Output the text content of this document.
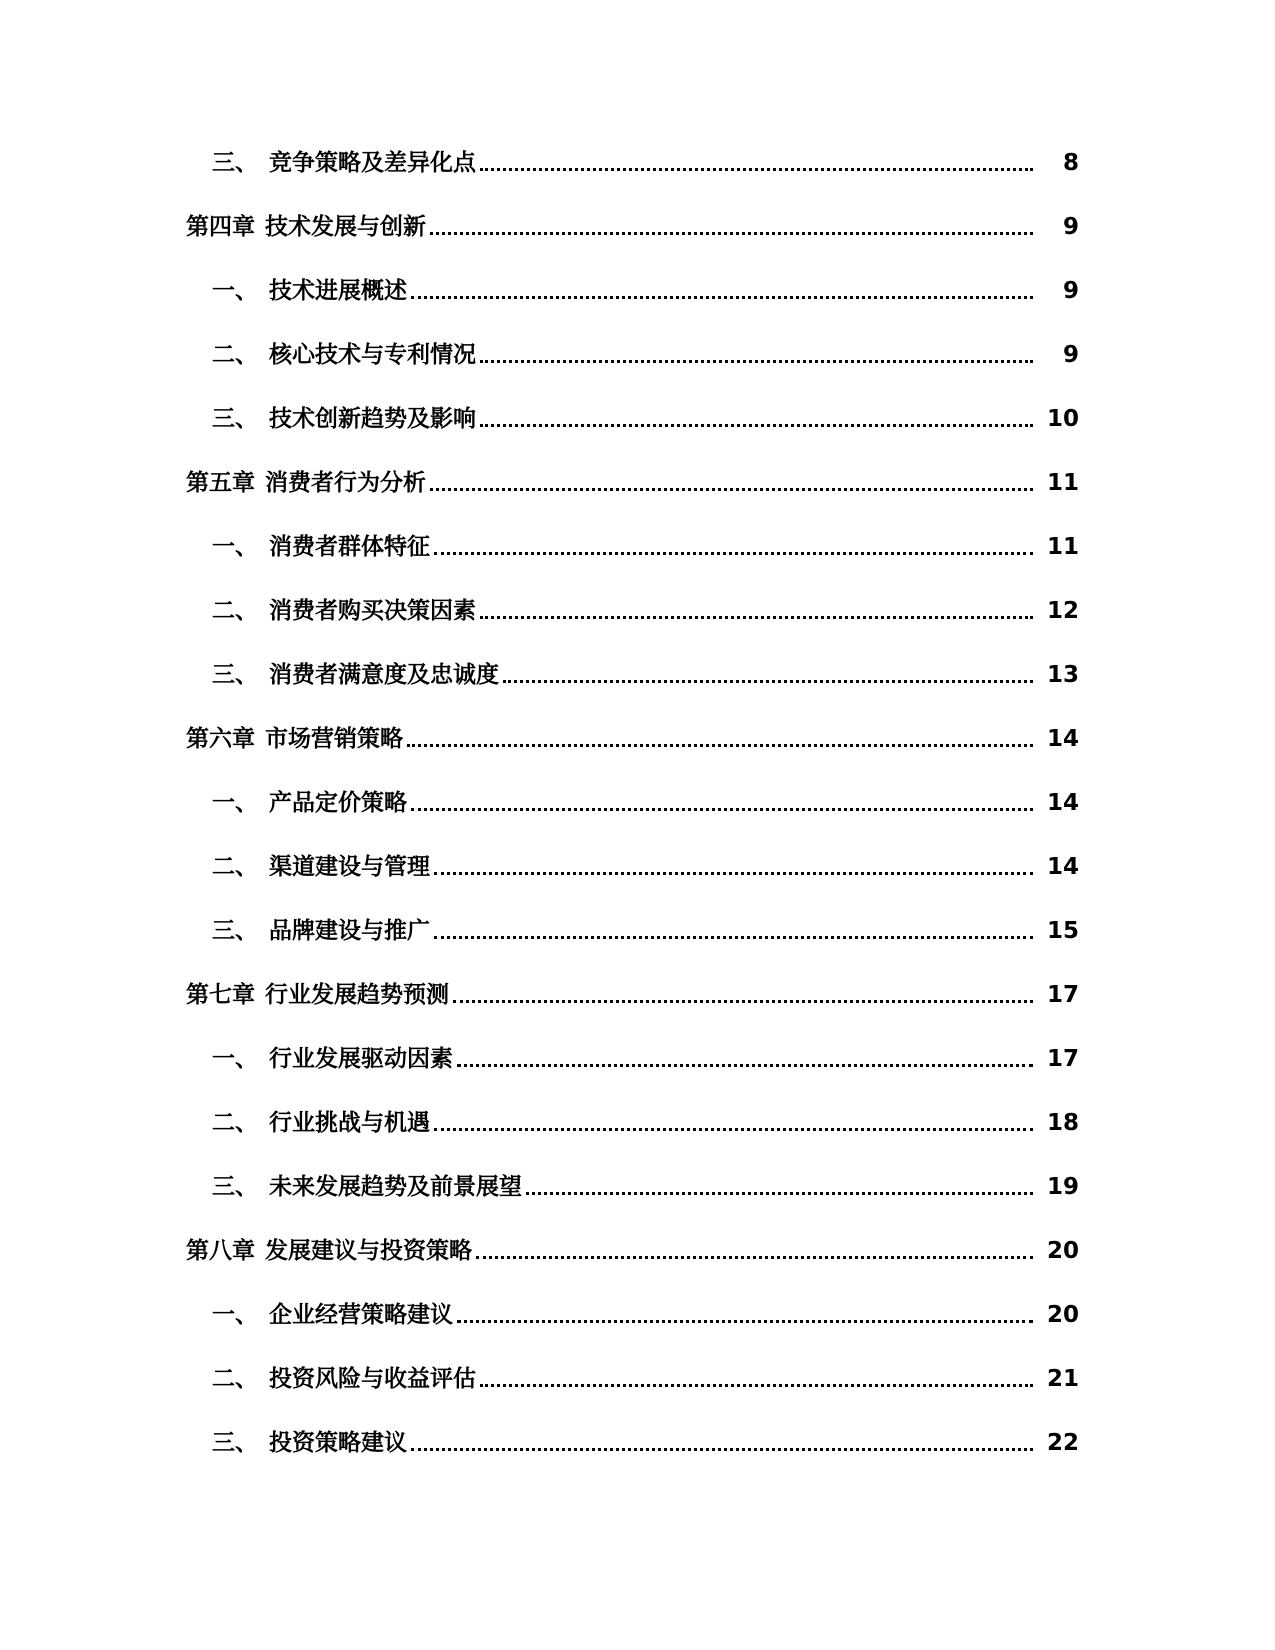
三、 竞争策略及差异化点	8
第四章 技术发展与创新	9
一、 技术进展概述	9
二、 核心技术与专利情况	9
三、 技术创新趋势及影响	10
第五章 消费者行为分析	11
一、 消费者群体特征	11
二、 消费者购买决策因素	12
三、 消费者满意度及忠诚度	13
第六章 市场营销策略	14
一、 产品定价策略	14
二、 渠道建设与管理	14
三、 品牌建设与推广	15
第七章 行业发展趋势预测	17
一、 行业发展驱动因素	17
二、 行业挑战与机遇	18
三、 未来发展趋势及前景展望	19
第八章 发展建议与投资策略	20
一、 企业经营策略建议	20
二、 投资风险与收益评估	21
三、 投资策略建议	22
